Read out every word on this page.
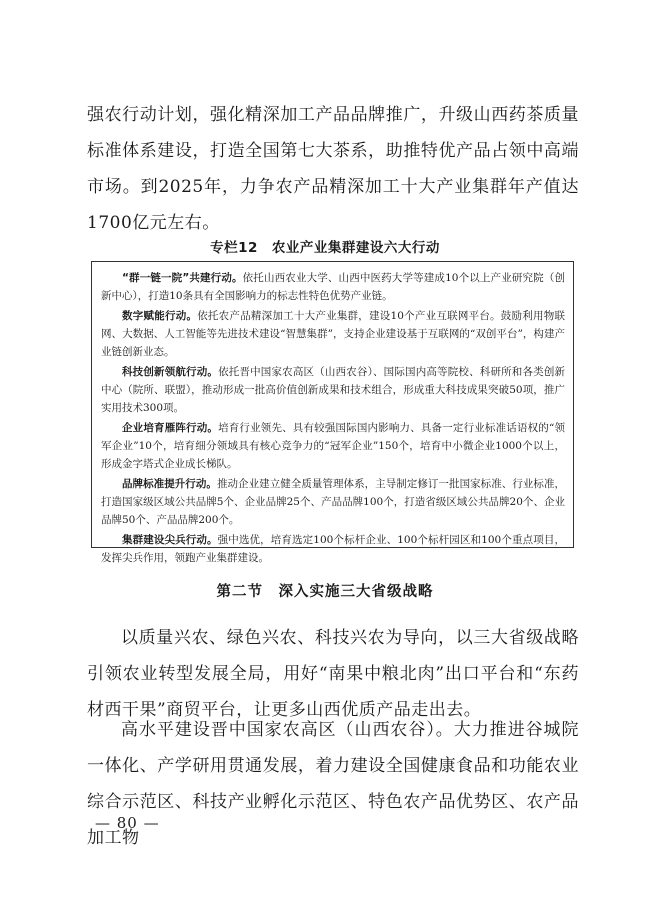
强农行动计划，强化精深加工产品品牌推广，升级山西药茶质量标准体系建设，打造全国第七大茶系，助推特优产品占领中高端市场。到2025年，力争农产品精深加工十大产业集群年产值达1700亿元左右。

专栏12　农业产业集群建设六大行动

“群一链一院”共建行动。依托山西农业大学、山西中医药大学等建成10个以上产业研究院（创新中心），打造10条具有全国影响力的标志性特色优势产业链。

数字赋能行动。依托农产品精深加工十大产业集群，建设10个产业互联网平台。鼓励利用物联网、大数据、人工智能等先进技术建设“智慧集群”，支持企业建设基于互联网的“双创平台”，构建产业链创新业态。

科技创新领航行动。依托晋中国家农高区（山西农谷）、国际国内高等院校、科研所和各类创新中心（院所、联盟），推动形成一批高价值创新成果和技术组合，形成重大科技成果突破50项，推广实用技术300项。

企业培育雁阵行动。培育行业领先、具有较强国际国内影响力、具备一定行业标准话语权的“领军企业”10个，培育细分领域具有核心竞争力的“冠军企业”150个，培育中小微企业1000个以上，形成金字塔式企业成长梯队。

品牌标准提升行动。推动企业建立健全质量管理体系，主导制定修订一批国家标准、行业标准，打造国家级区域公共品牌5个、企业品牌25个、产品品牌100个，打造省级区域公共品牌20个、企业品牌50个、产品品牌200个。

集群建设尖兵行动。强中选优，培育选定100个标杆企业、100个标杆园区和100个重点项目，发挥尖兵作用，领跑产业集群建设。

第二节　深入实施三大省级战略

以质量兴农、绿色兴农、科技兴农为导向，以三大省级战略引领农业转型发展全局，用好“南果中粮北肉”出口平台和“东药材西干果”商贸平台，让更多山西优质产品走出去。

高水平建设晋中国家农高区（山西农谷）。大力推进谷城院一体化、产学研用贯通发展，着力建设全国健康食品和功能农业综合示范区、科技产业孵化示范区、特色农产品优势区、农产品加工物

— 80 —
